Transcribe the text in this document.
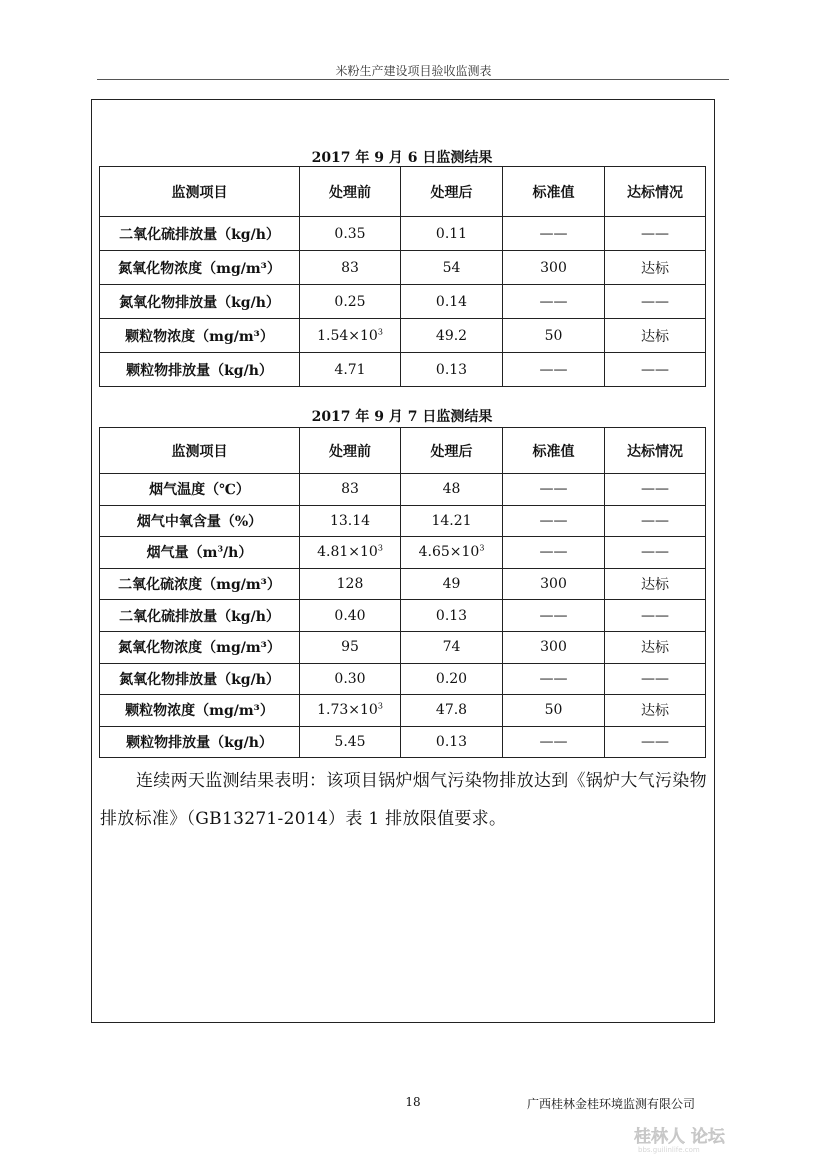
米粉生产建设项目验收监测表
2017 年 9 月 6 日监测结果
监测项目	处理前	处理后	标准值	达标情况
二氧化硫排放量（kg/h）	0.35	0.11	——	——
氮氧化物浓度（mg/m³）	83	54	300	达标
氮氧化物排放量（kg/h）	0.25	0.14	——	——
颗粒物浓度（mg/m³）	$1.54\times 10^3$	49.2	50	达标
颗粒物排放量（kg/h）	4.71	0.13	——	——
2017 年 9 月 7 日监测结果
监测项目	处理前	处理后	标准值	达标情况
烟气温度（℃）	83	48	——	——
烟气中氧含量（%）	13.14	14.21	——	——
烟气量$(m^3/h)$	$4.81\times 10^3$	$4.65\times 10^3$	——	——
二氧化硫浓度（mg/m³）	128	49	300	达标
二氧化硫排放量（kg/h）	0.40	0.13	——	——
氮氧化物浓度（mg/m³）	95	74	300	达标
氮氧化物排放量（kg/h）	0.30	0.20	——	——
颗粒物浓度（mg/m³）	$1.73\times 10^3$	47.8	50	达标
颗粒物排放量（kg/h）	5.45	0.13	——	——
连续两天监测结果表明：该项目锅炉烟气污染物排放达到《锅炉大气污染物排放标准》（GB13271-2014）表 1 排放限值要求。
18	广西桂林金桂环境监测有限公司
桂林人 论坛
bbs.guilinlife.com
